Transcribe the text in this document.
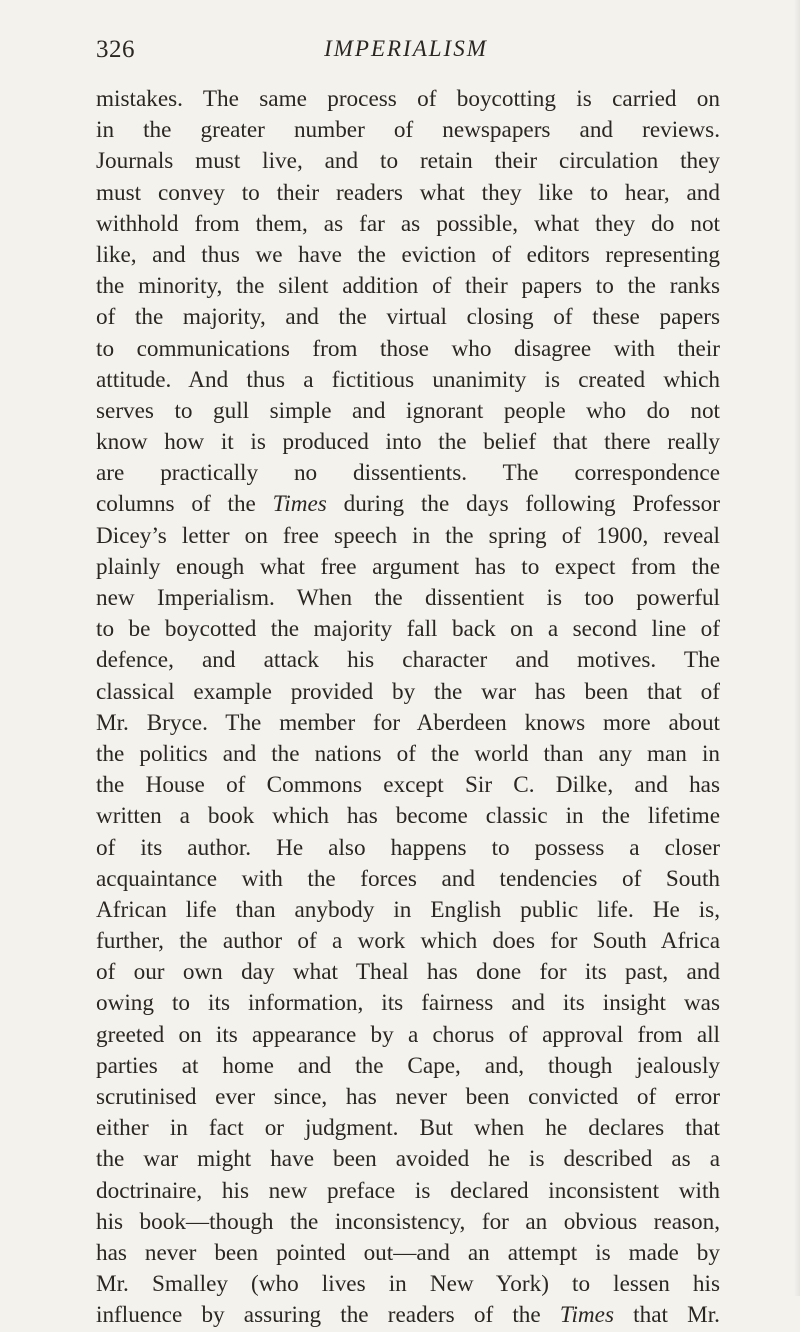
326	IMPERIALISM
mistakes. The same process of boycotting is carried on
in the greater number of newspapers and reviews.
Journals must live, and to retain their circulation they
must convey to their readers what they like to hear, and
withhold from them, as far as possible, what they do not
like, and thus we have the eviction of editors representing
the minority, the silent addition of their papers to the ranks
of the majority, and the virtual closing of these papers
to communications from those who disagree with their
attitude. And thus a fictitious unanimity is created which
serves to gull simple and ignorant people who do not
know how it is produced into the belief that there really
are practically no dissentients. The correspondence
columns of the Times during the days following Professor
Dicey’s letter on free speech in the spring of 1900, reveal
plainly enough what free argument has to expect from the
new Imperialism. When the dissentient is too powerful
to be boycotted the majority fall back on a second line of
defence, and attack his character and motives. The
classical example provided by the war has been that of
Mr. Bryce. The member for Aberdeen knows more about
the politics and the nations of the world than any man in
the House of Commons except Sir C. Dilke, and has
written a book which has become classic in the lifetime
of its author. He also happens to possess a closer
acquaintance with the forces and tendencies of South
African life than anybody in English public life. He is,
further, the author of a work which does for South Africa
of our own day what Theal has done for its past, and
owing to its information, its fairness and its insight was
greeted on its appearance by a chorus of approval from all
parties at home and the Cape, and, though jealously
scrutinised ever since, has never been convicted of error
either in fact or judgment. But when he declares that
the war might have been avoided he is described as a
doctrinaire, his new preface is declared inconsistent with
his book—though the inconsistency, for an obvious reason,
has never been pointed out—and an attempt is made by
Mr. Smalley (who lives in New York) to lessen his
influence by assuring the readers of the Times that Mr.
